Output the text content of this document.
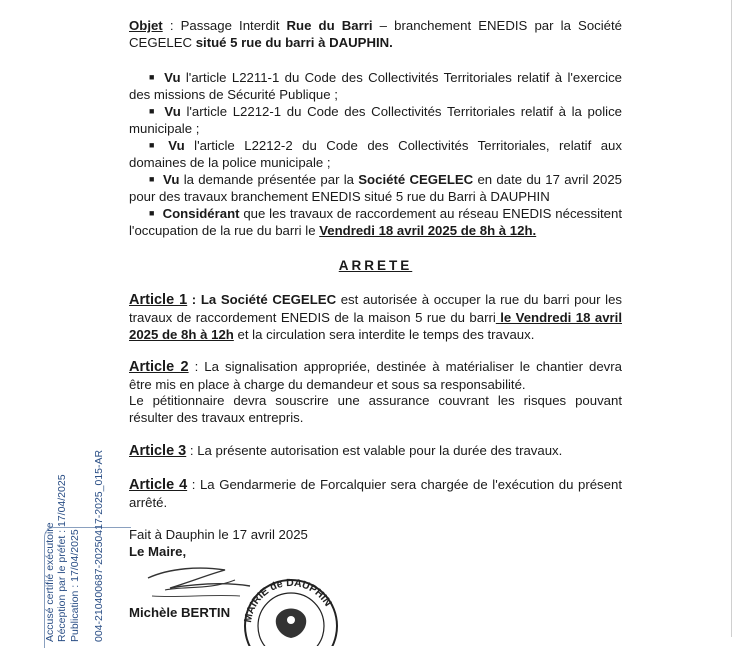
Objet : Passage Interdit Rue du Barri – branchement ENEDIS par la Société CEGELEC situé 5 rue du barri à DAUPHIN.
■ Vu l'article L2211-1 du Code des Collectivités Territoriales relatif à l'exercice des missions de Sécurité Publique ;
■ Vu l'article L2212-1 du Code des Collectivités Territoriales relatif à la police municipale ;
■ Vu l'article L2212-2 du Code des Collectivités Territoriales, relatif aux domaines de la police municipale ;
■ Vu la demande présentée par la Société CEGELEC en date du 17 avril 2025 pour des travaux branchement ENEDIS situé 5 rue du Barri à DAUPHIN
■ Considérant que les travaux de raccordement au réseau ENEDIS nécessitent l'occupation de la rue du barri le Vendredi 18 avril 2025 de 8h à 12h.
ARRETE
Article 1 : La Société CEGELEC est autorisée à occuper la rue du barri pour les travaux de raccordement ENEDIS de la maison 5 rue du barri le Vendredi 18 avril 2025 de 8h à 12h et la circulation sera interdite le temps des travaux.
Article 2 : La signalisation appropriée, destinée à matérialiser le chantier devra être mis en place à charge du demandeur et sous sa responsabilité.
Le pétitionnaire devra souscrire une assurance couvrant les risques pouvant résulter des travaux entrepris.
Article 3 : La présente autorisation est valable pour la durée des travaux.
Article 4 : La Gendarmerie de Forcalquier sera chargée de l'exécution du présent arrêté.
Fait à Dauphin le 17 avril 2025
Le Maire,
Michèle BERTIN	MAIRIE de DAUPHIN
Accusé certifié exécutoire Réception par le préfet : 17/04/2025 Publication : 17/04/2025 004-210400687-20250417-2025_015-AR
